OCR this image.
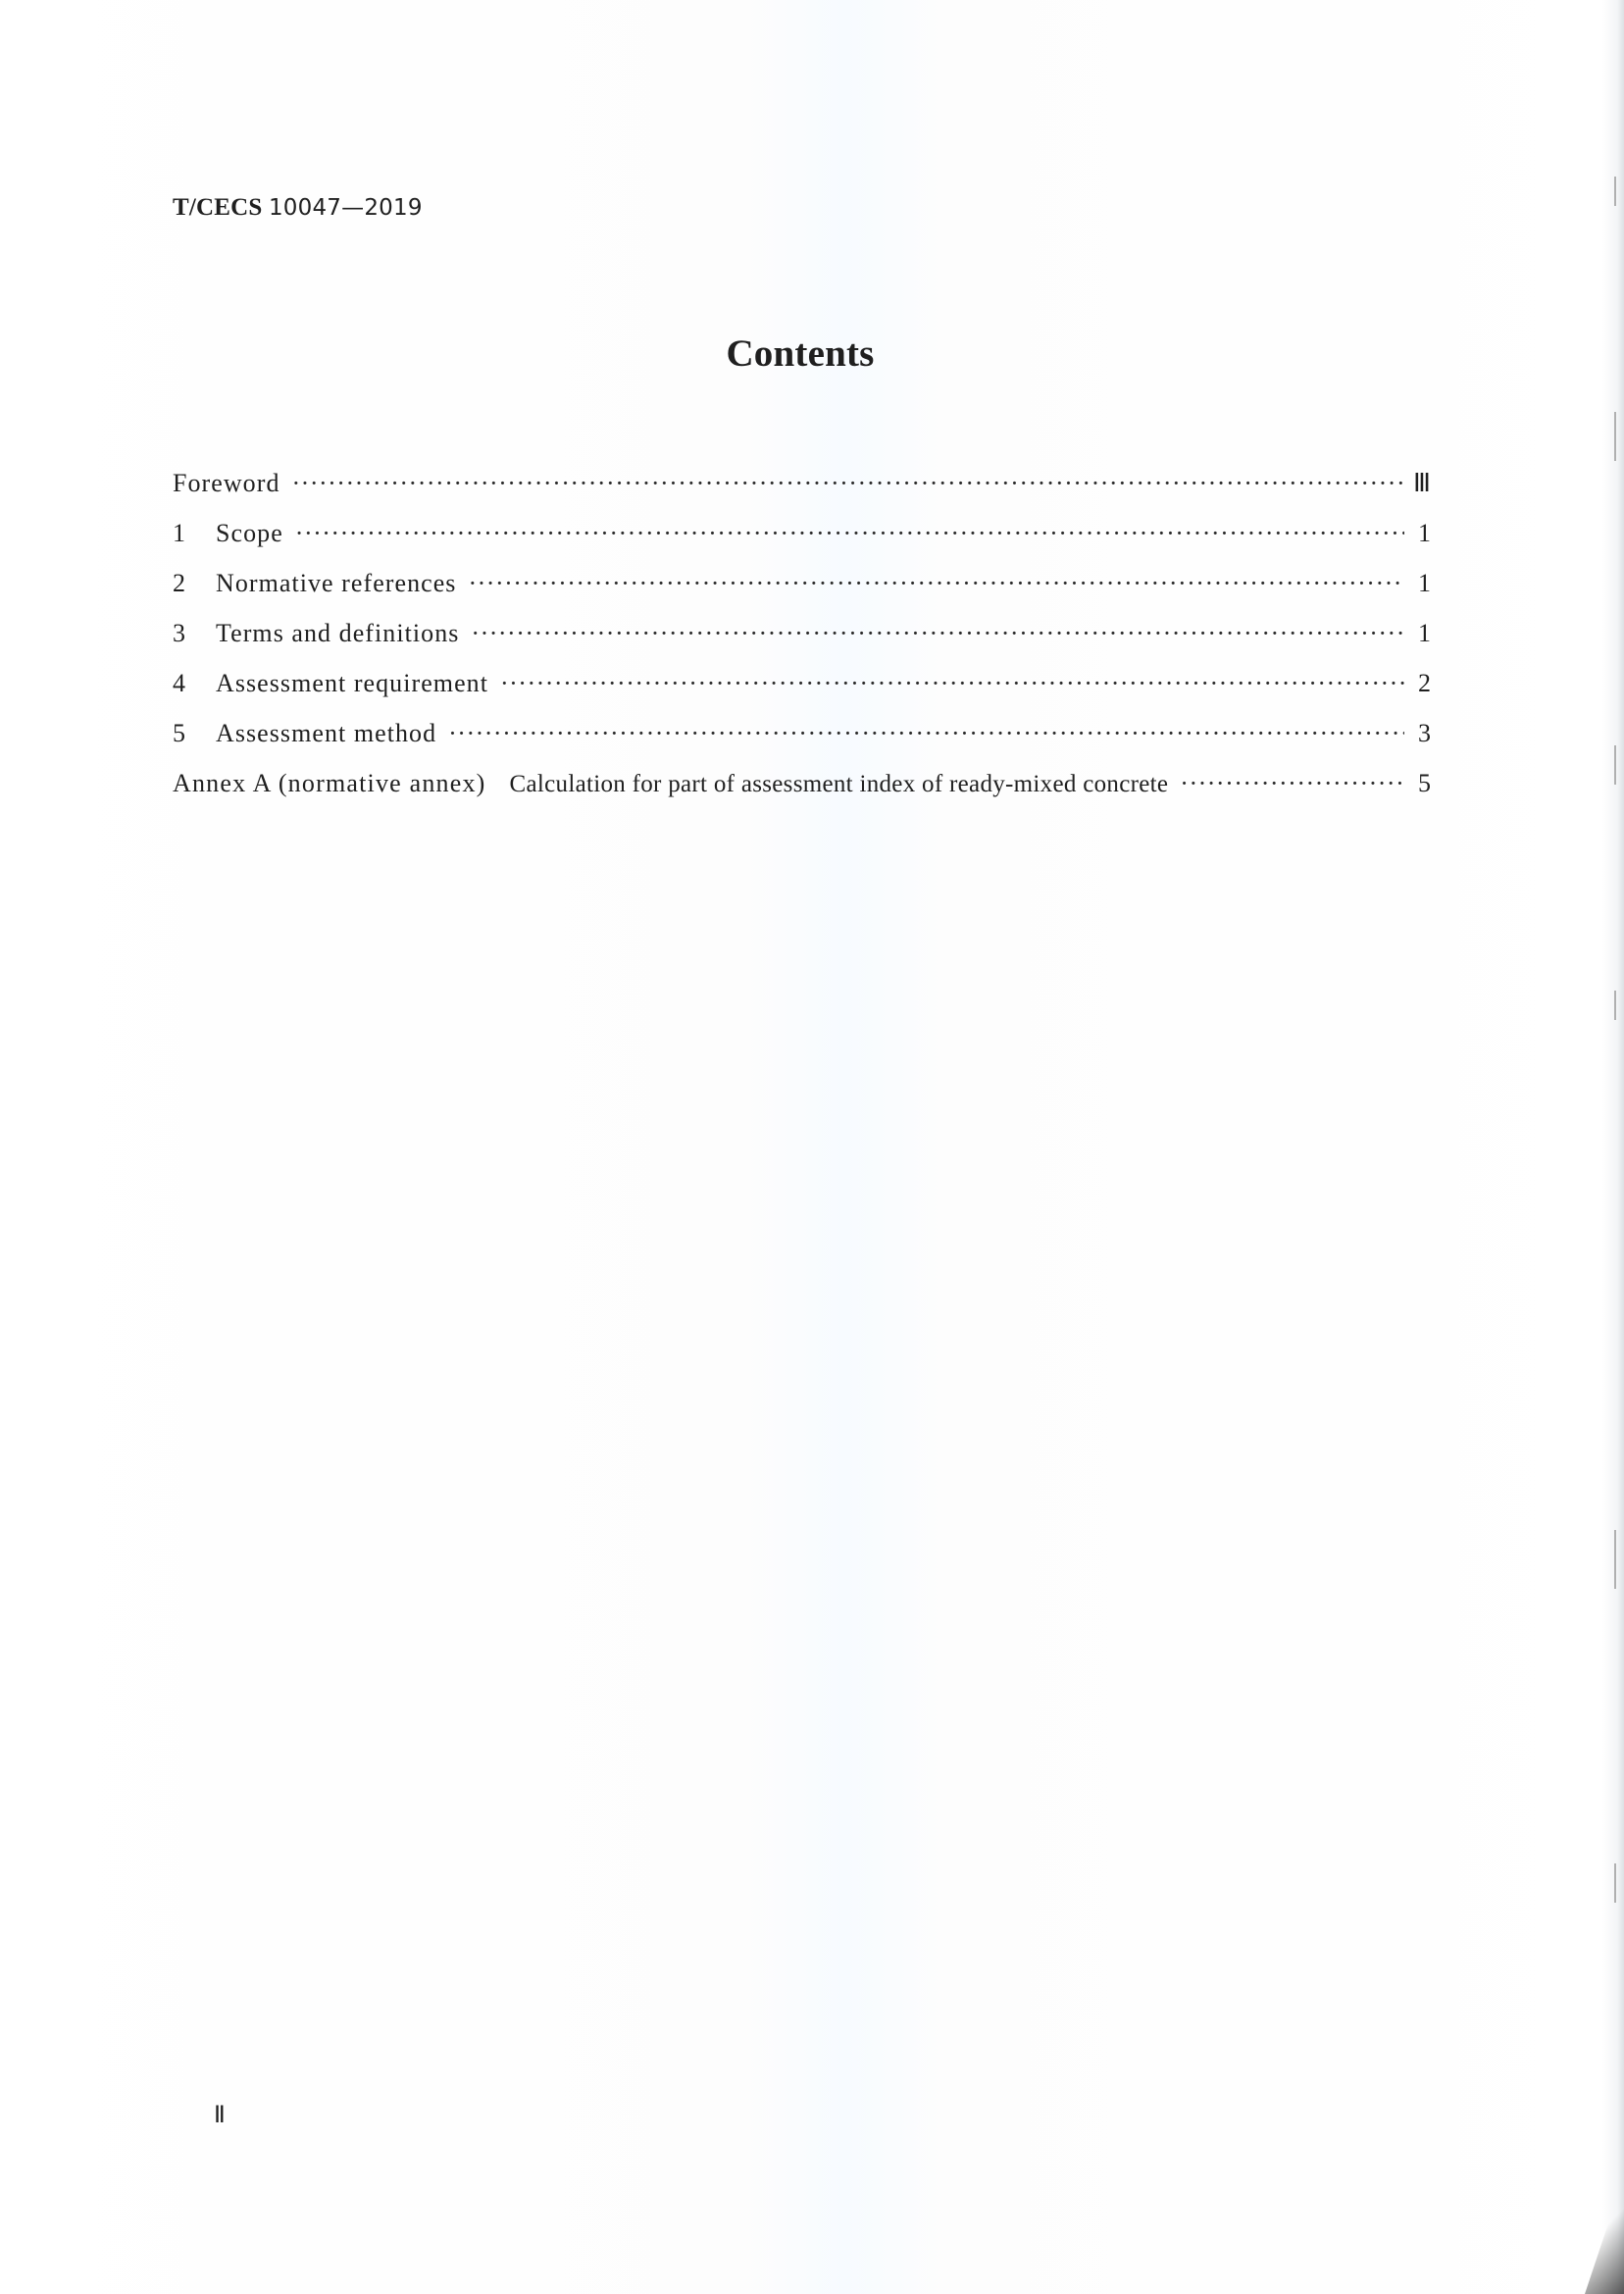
T/CECS 10047—2019
Contents
Foreword ·····	Ⅲ
1	Scope ·····	1
2	Normative references ·····	1
3	Terms and definitions ·····	1
4	Assessment requirement ·····	2
5	Assessment method ·····	3
Annex A (normative annex) Calculation for part of assessment index of ready-mixed concrete ·····	5
Ⅱ
